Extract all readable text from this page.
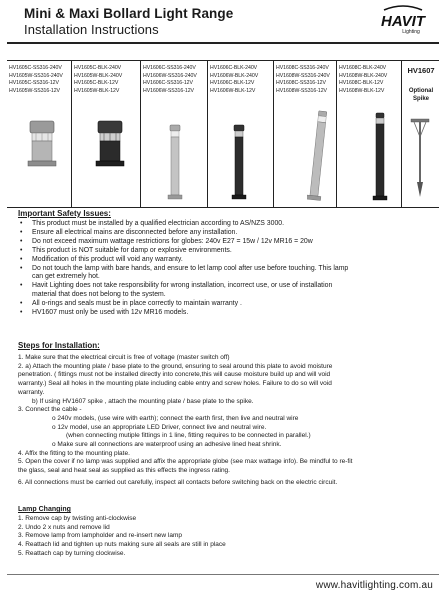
Mini & Maxi Bollard Light Range
Installation Instructions	HAVIT
Lighting
HV1605C-SS316-240V
HV1605W-SS316-240V
HV1605C-SS316-12V
HV1605W-SS316-12V
HV1605C-BLK-240V
HV1605W-BLK-240V
HV1605C-BLK-12V
HV1605W-BLK-12V
HV1606C-SS316-240V
HV1606W-SS316-240V
HV1606C-SS316-12V
HV1606W-SS316-12V
HV1606C-BLK-240V
HV1606W-BLK-240V
HV1606C-BLK-12V
HV1606W-BLK-12V
HV1608C-SS316-240V
HV1608W-SS316-240V
HV1608C-SS316-12V
HV1608W-SS316-12V
HV1608C-BLK-240V
HV1608W-BLK-240V
HV1608C-BLK-12V
HV1608W-BLK-12V
HV1607
Optional
Spike
Important Safety Issues:
• This product must be installed by a qualified electrician according to AS/NZS 3000.
• Ensure all electrical mains are disconnected before any installation.
• Do not exceed maximum wattage restrictions for globes: 240v E27 = 15w / 12v MR16 = 20w
• This product is NOT suitable for damp or explosive environments.
• Modification of this product will void any warranty.
• Do not touch the lamp with bare hands, and ensure to let lamp cool after use before touching. This lamp
can get extremely hot.
• Havit Lighting does not take responsibility for wrong installation, incorrect use, or use of installation
material that does not belong to the system.
• All o-rings and seals must be in place correctly to maintain warranty .
• HV1607 must only be used with 12v MR16 models.
Steps for Installation:
1. Make sure that the electrical circuit is free of voltage (master switch off)
2. a) Attach the mounting plate / base plate to the ground, ensuring to seal around this plate to avoid moisture
penetration. ( fittings must not be installed directly into concrete,this will cause moisture build up and will void
warranty.) Seal all holes in the mounting plate including cable entry and screw holes. Failure to do so will void
warranty.
b) If using HV1607 spike , attach the mounting plate / base plate to the spike.
3. Connect the cable -
o 240v models, (use wire with earth); connect the earth first, then live and neutral wire
o 12v model, use an appropriate LED Driver, connect live and neutral wire.
(when connecting mutiple fittings in 1 line, fitting requires to be connected in parallel.)
o Make sure all connections are waterproof using an adhesive lined heat shrink.
4. Affix the fitting to the mounting plate.
5. Open the cover if no lamp was supplied and affix the appropriate globe (see max wattage info). Be mindful to re-fit
the glass, seal and heat seal as supplied as this effects the ingress rating.
6. All connections must be carried out carefully, inspect all contacts before switching back on the electric circuit.
Lamp Changing
1. Remove cap by twisting anti-clockwise
2. Undo 2 x nuts and remove lid
3. Remove lamp from lampholder and re-insert new lamp
4. Reattach lid and tighten up nuts making sure all seals are still in place
5. Reattach cap by turning clockwise.
www.havitlighting.com.au
